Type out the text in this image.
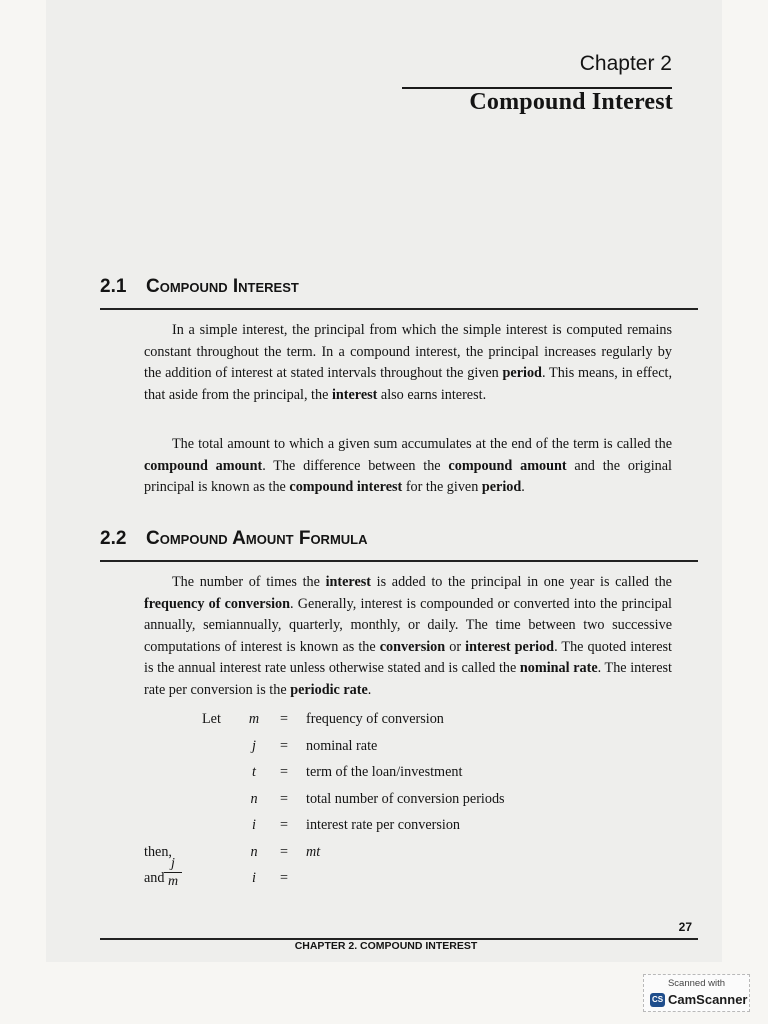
Chapter 2
Compound Interest
2.1 Compound Interest

In a simple interest, the principal from which the simple interest is computed remains constant throughout the term. In a compound interest, the principal increases regularly by the addition of interest at stated intervals throughout the given period. This means, in effect, that aside from the principal, the interest also earns interest.

The total amount to which a given sum accumulates at the end of the term is called the compound amount. The difference between the compound amount and the original principal is known as the compound interest for the given period.

2.2 Compound Amount Formula

The number of times the interest is added to the principal in one year is called the frequency of conversion. Generally, interest is compounded or converted into the principal annually, semiannually, quarterly, monthly, or daily. The time between two successive computations of interest is known as the conversion or interest period. The quoted interest is the annual interest rate unless otherwise stated and is called the nominal rate. The interest rate per conversion is the periodic rate.

Let	m	= frequency of conversion
j	= nominal rate
t	= term of the loan/investment
n	= total number of conversion periods
i	= interest rate per conversion
then,	n	= mt
and	i	=
j
m
27
CHAPTER 2. COMPOUND INTEREST
Scanned with
CS CamScanner
